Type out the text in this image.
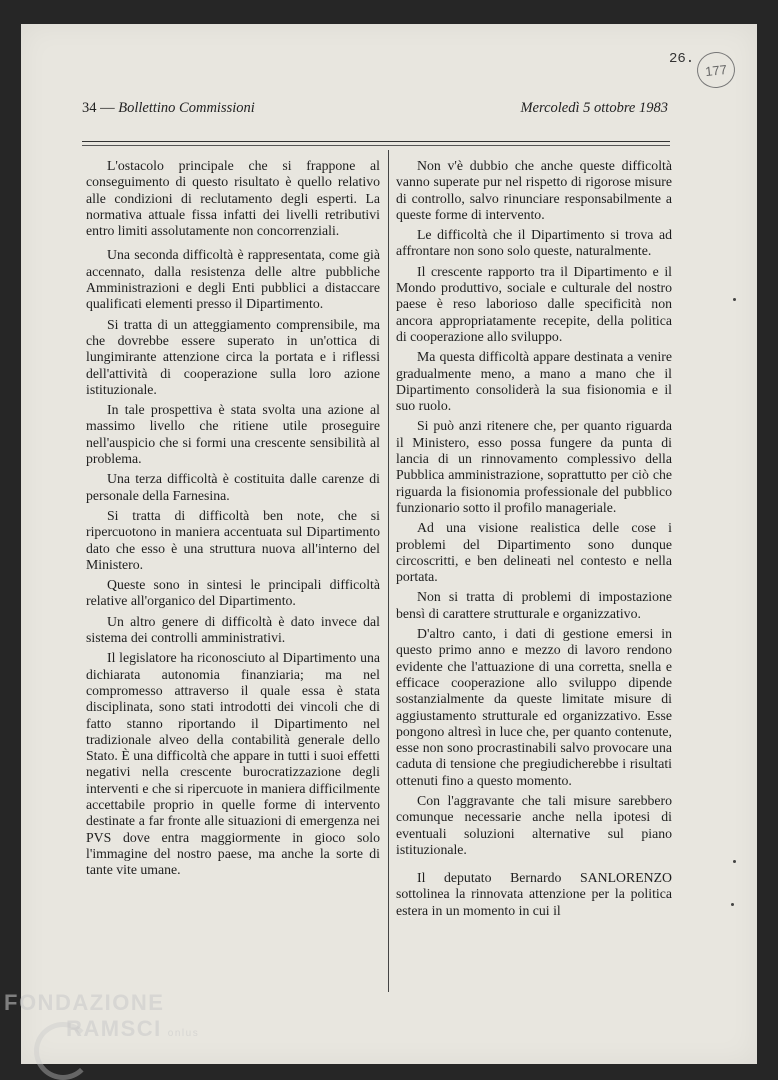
26.
177
34 — Bollettino Commissioni	Mercoledì 5 ottobre 1983

L'ostacolo principale che si frappone al conseguimento di questo risultato è quello relativo alle condizioni di reclutamento degli esperti. La normativa attuale fissa infatti dei livelli retributivi entro limiti assolutamente non concorrenziali.

Una seconda difficoltà è rappresentata, come già accennato, dalla resistenza delle altre pubbliche Amministrazioni e degli Enti pubblici a distaccare qualificati elementi presso il Dipartimento.

Si tratta di un atteggiamento comprensibile, ma che dovrebbe essere superato in un'ottica di lungimirante attenzione circa la portata e i riflessi dell'attività di cooperazione sulla loro azione istituzionale.

In tale prospettiva è stata svolta una azione al massimo livello che ritiene utile proseguire nell'auspicio che si formi una crescente sensibilità al problema.

Una terza difficoltà è costituita dalle carenze di personale della Farnesina.

Si tratta di difficoltà ben note, che si ripercuotono in maniera accentuata sul Dipartimento dato che esso è una struttura nuova all'interno del Ministero.

Queste sono in sintesi le principali difficoltà relative all'organico del Dipartimento.

Un altro genere di difficoltà è dato invece dal sistema dei controlli amministrativi.

Il legislatore ha riconosciuto al Dipartimento una dichiarata autonomia finanziaria; ma nel compromesso attraverso il quale essa è stata disciplinata, sono stati introdotti dei vincoli che di fatto stanno riportando il Dipartimento nel tradizionale alveo della contabilità generale dello Stato. È una difficoltà che appare in tutti i suoi effetti negativi nella crescente burocratizzazione degli interventi e che si ripercuote in maniera difficilmente accettabile proprio in quelle forme di intervento destinate a far fronte alle situazioni di emergenza nei PVS dove entra maggiormente in gioco solo l'immagine del nostro paese, ma anche la sorte di tante vite umane.

Non v'è dubbio che anche queste difficoltà vanno superate pur nel rispetto di rigorose misure di controllo, salvo rinunciare responsabilmente a queste forme di intervento.

Le difficoltà che il Dipartimento si trova ad affrontare non sono solo queste, naturalmente.

Il crescente rapporto tra il Dipartimento e il Mondo produttivo, sociale e culturale del nostro paese è reso laborioso dalle specificità non ancora appropriatamente recepite, della politica di cooperazione allo sviluppo.

Ma questa difficoltà appare destinata a venire gradualmente meno, a mano a mano che il Dipartimento consoliderà la sua fisionomia e il suo ruolo.

Si può anzi ritenere che, per quanto riguarda il Ministero, esso possa fungere da punta di lancia di un rinnovamento complessivo della Pubblica amministrazione, soprattutto per ciò che riguarda la fisionomia professionale del pubblico funzionario sotto il profilo manageriale.

Ad una visione realistica delle cose i problemi del Dipartimento sono dunque circoscritti, e ben delineati nel contesto e nella portata.

Non si tratta di problemi di impostazione bensì di carattere strutturale e organizzativo.

D'altro canto, i dati di gestione emersi in questo primo anno e mezzo di lavoro rendono evidente che l'attuazione di una corretta, snella e efficace cooperazione allo sviluppo dipende sostanzialmente da queste limitate misure di aggiustamento strutturale ed organizzativo. Esse pongono altresì in luce che, per quanto contenute, esse non sono procrastinabili salvo provocare una caduta di tensione che pregiudicherebbe i risultati ottenuti fino a questo momento.

Con l'aggravante che tali misure sarebbero comunque necessarie anche nella ipotesi di eventuali soluzioni alternative sul piano istituzionale.

Il deputato Bernardo SANLORENZO sottolinea la rinnovata attenzione per la politica estera in un momento in cui il

FONDAZIONE
RAMSCI onlus
